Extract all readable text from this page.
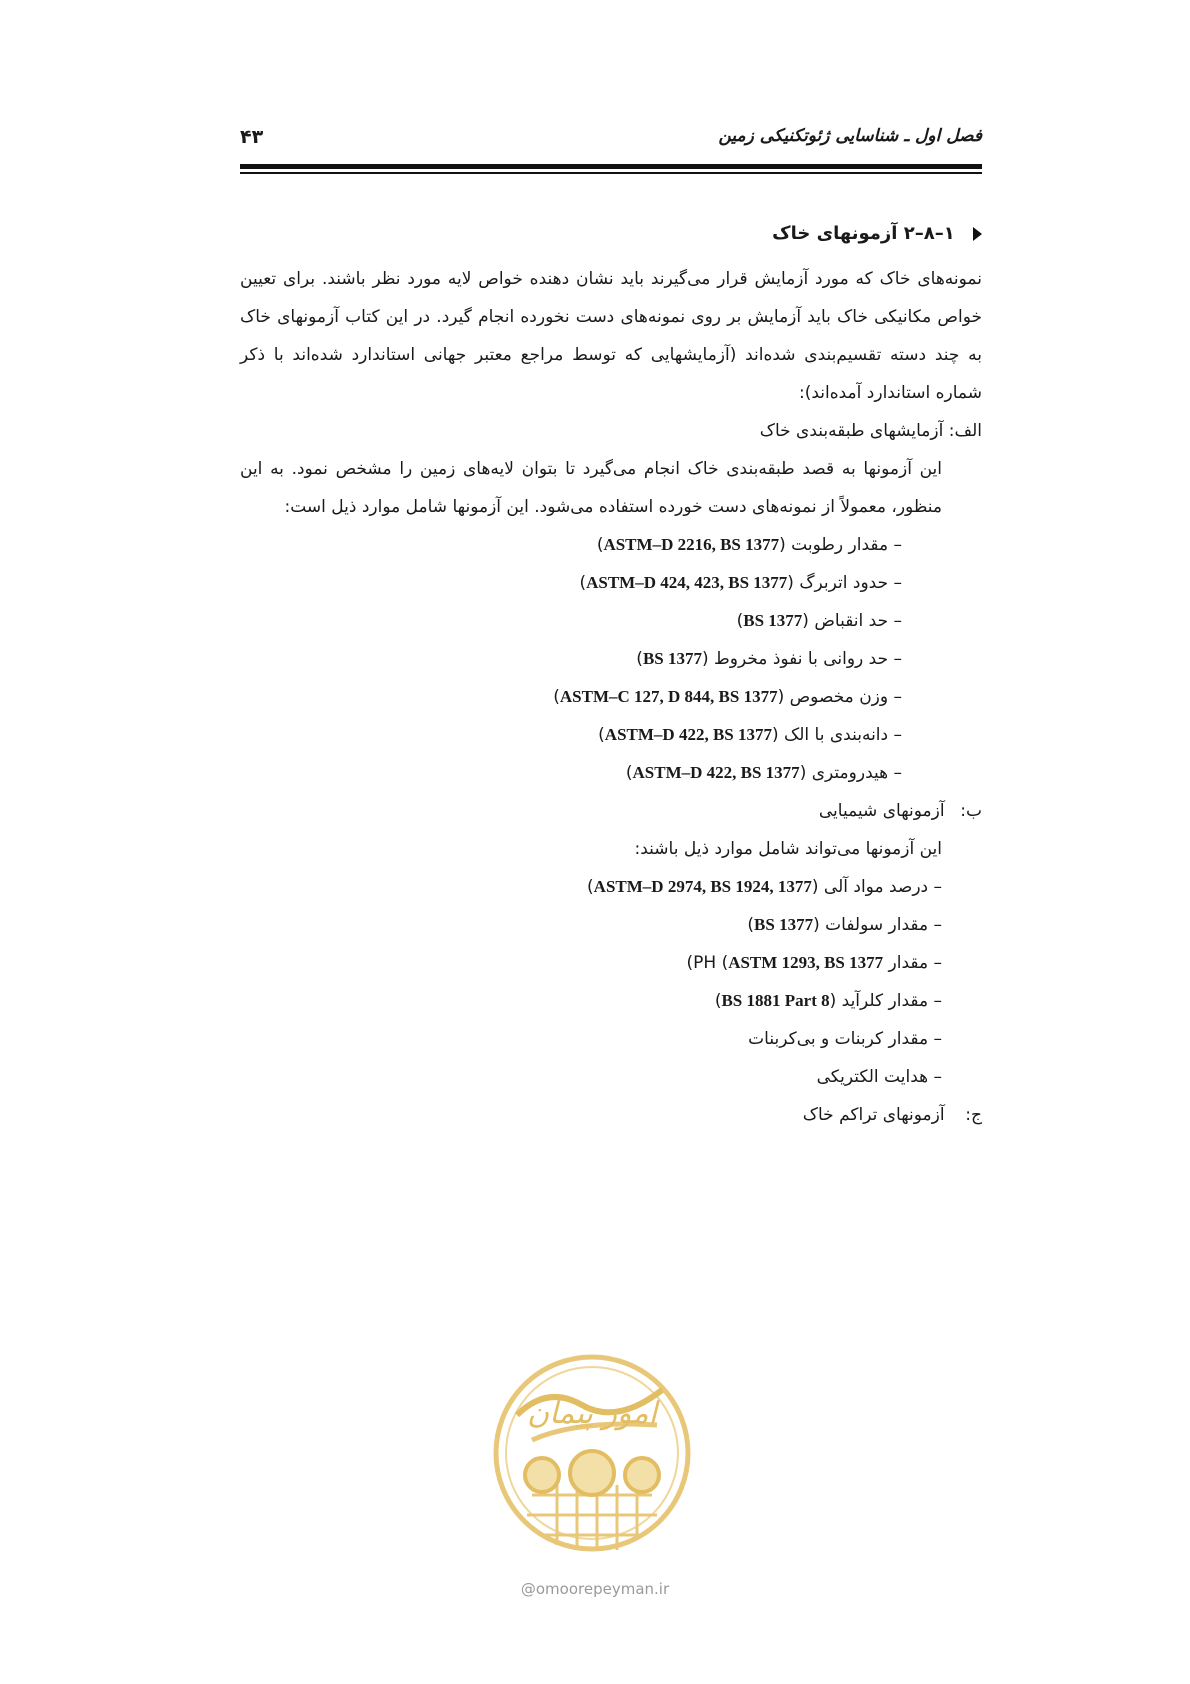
فصل اول ـ شناسایی ژئوتکنیکی زمین
۴۳
۱–۸–۲ آزمونهای خاک

نمونه‌های خاک که مورد آزمایش قرار می‌گیرند باید نشان دهنده خواص لایه مورد نظر باشند. برای تعیین خواص مکانیکی خاک باید آزمایش بر روی نمونه‌های دست نخورده انجام گیرد. در این کتاب آزمونهای خاک به چند دسته تقسیم‌بندی شده‌اند (آزمایشهایی که توسط مراجع معتبر جهانی استاندارد شده‌اند با ذکر شماره استاندارد آمده‌اند):

الف: آزمایشهای طبقه‌بندی خاک

این آزمونها به قصد طبقه‌بندی خاک انجام می‌گیرد تا بتوان لایه‌های زمین را مشخص نمود. به این منظور، معمولاً از نمونه‌های دست خورده استفاده می‌شود. این آزمونها شامل موارد ذیل است:

– مقدار رطوبت (ASTM–D 2216, BS 1377)
– حدود اتربرگ (ASTM–D 424, 423, BS 1377)
– حد انقباض (BS 1377)
– حد روانی با نفوذ مخروط (BS 1377)
– وزن مخصوص (ASTM–C 127, D 844, BS 1377)
– دانه‌بندی با الک (ASTM–D 422, BS 1377)
– هیدرومتری (ASTM–D 422, BS 1377)
ب: آزمونهای شیمیایی

این آزمونها می‌تواند شامل موارد ذیل باشند:

– درصد مواد آلی (ASTM–D 2974, BS 1924, 1377)
– مقدار سولفات (BS 1377)
– مقدار PH (ASTM 1293, BS 1377)
– مقدار کلرآید (BS 1881 Part 8)
– مقدار کربنات و بی‌کربنات
– هدایت الکتریکی
ج: آزمونهای تراکم خاک
امور پیمان
@omoorepeyman.ir
